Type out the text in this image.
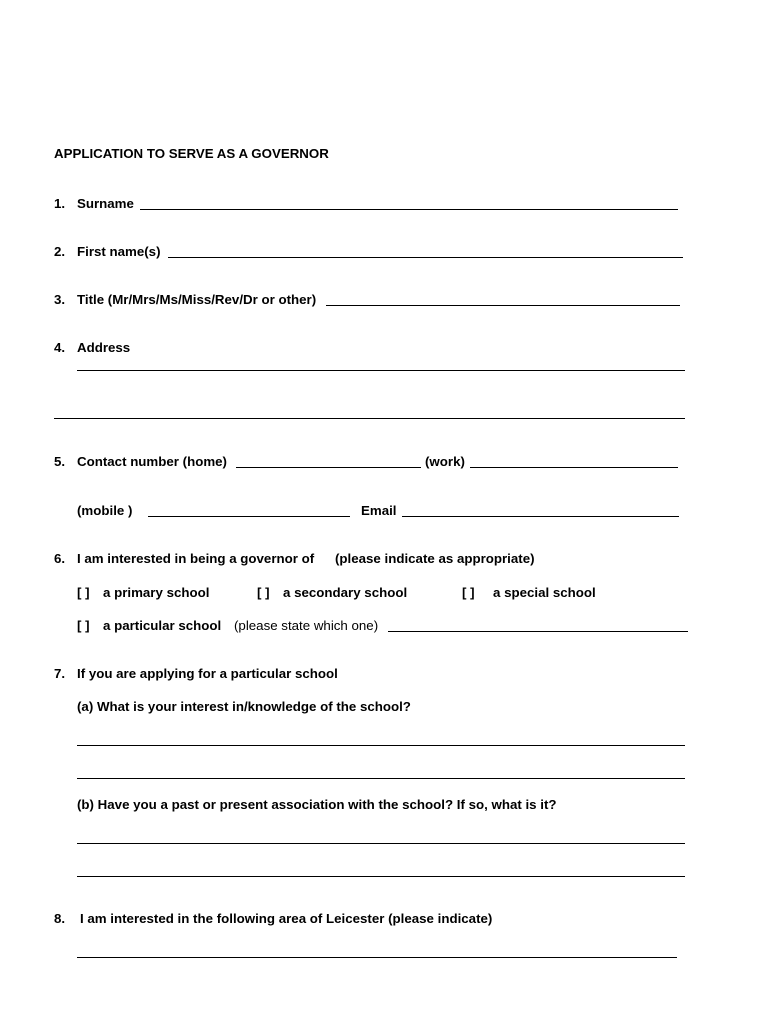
APPLICATION TO SERVE AS A GOVERNOR
1. Surname
2. First name(s)
3. Title (Mr/Mrs/Ms/Miss/Rev/Dr or other)
4. Address
5. Contact number (home)	(work)
(mobile )	Email
6. I am interested in being a governor of (please indicate as appropriate)
[ ] a primary school	[ ] a secondary school	[ ] a special school
[ ] a particular school (please state which one)
7. If you are applying for a particular school
(a) What is your interest in/knowledge of the school?
(b) Have you a past or present association with the school? If so, what is it?
8. I am interested in the following area of Leicester (please indicate)
